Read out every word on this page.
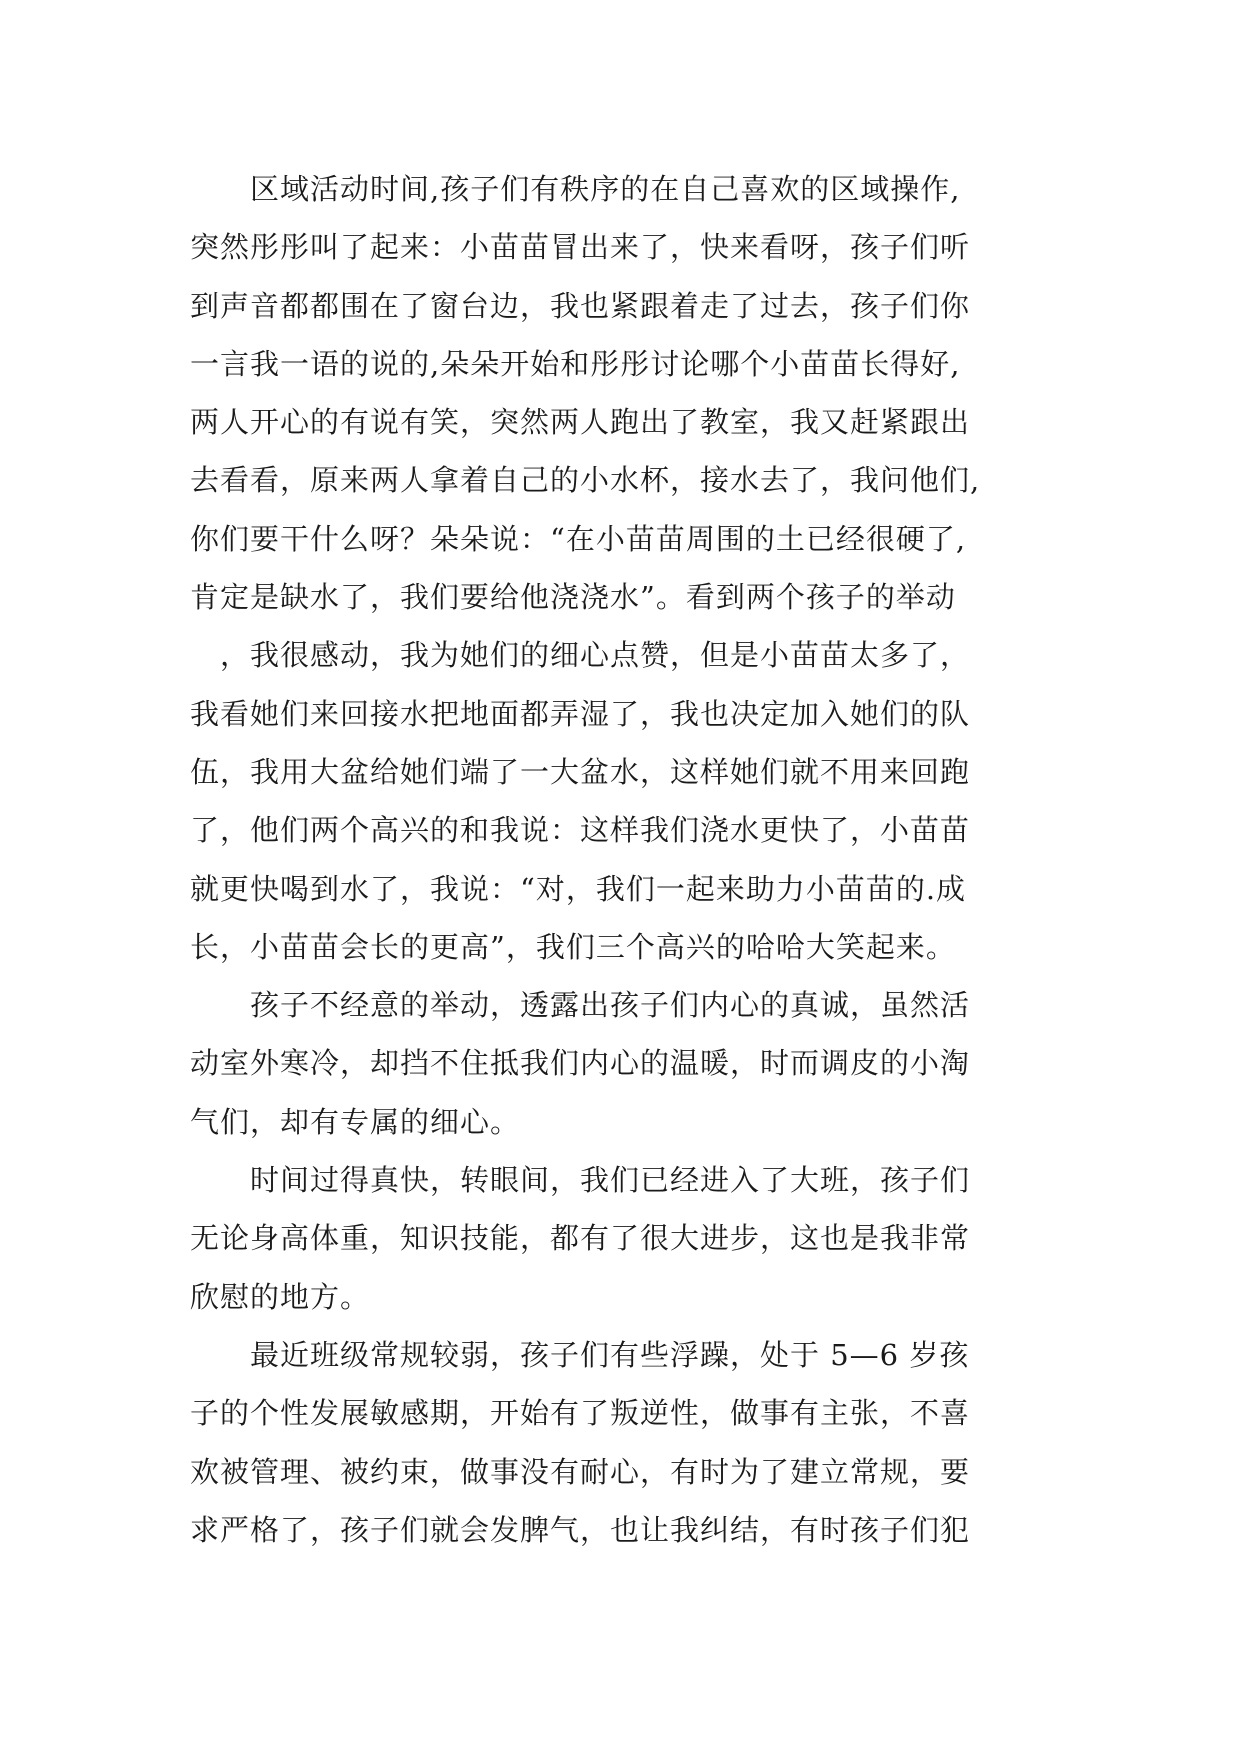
　　区域活动时间,孩子们有秩序的在自己喜欢的区域操作,
突然彤彤叫了起来：小苗苗冒出来了，快来看呀，孩子们听
到声音都都围在了窗台边，我也紧跟着走了过去，孩子们你
一言我一语的说的,朵朵开始和彤彤讨论哪个小苗苗长得好,
两人开心的有说有笑，突然两人跑出了教室，我又赶紧跟出
去看看，原来两人拿着自己的小水杯，接水去了，我问他们,
你们要干什么呀？朵朵说：“在小苗苗周围的土已经很硬了,
肯定是缺水了，我们要给他浇浇水”。看到两个孩子的举动
　，我很感动，我为她们的细心点赞，但是小苗苗太多了，
我看她们来回接水把地面都弄湿了，我也决定加入她们的队
伍，我用大盆给她们端了一大盆水，这样她们就不用来回跑
了，他们两个高兴的和我说：这样我们浇水更快了，小苗苗
就更快喝到水了，我说：“对，我们一起来助力小苗苗的.成
长，小苗苗会长的更高”，我们三个高兴的哈哈大笑起来。
　　孩子不经意的举动，透露出孩子们内心的真诚，虽然活
动室外寒冷，却挡不住抵我们内心的温暖，时而调皮的小淘
气们，却有专属的细心。
　　时间过得真快，转眼间，我们已经进入了大班，孩子们
无论身高体重，知识技能，都有了很大进步，这也是我非常
欣慰的地方。
　　最近班级常规较弱，孩子们有些浮躁，处于 5—6 岁孩
子的个性发展敏感期，开始有了叛逆性，做事有主张，不喜
欢被管理、被约束，做事没有耐心，有时为了建立常规，要
求严格了，孩子们就会发脾气，也让我纠结，有时孩子们犯
